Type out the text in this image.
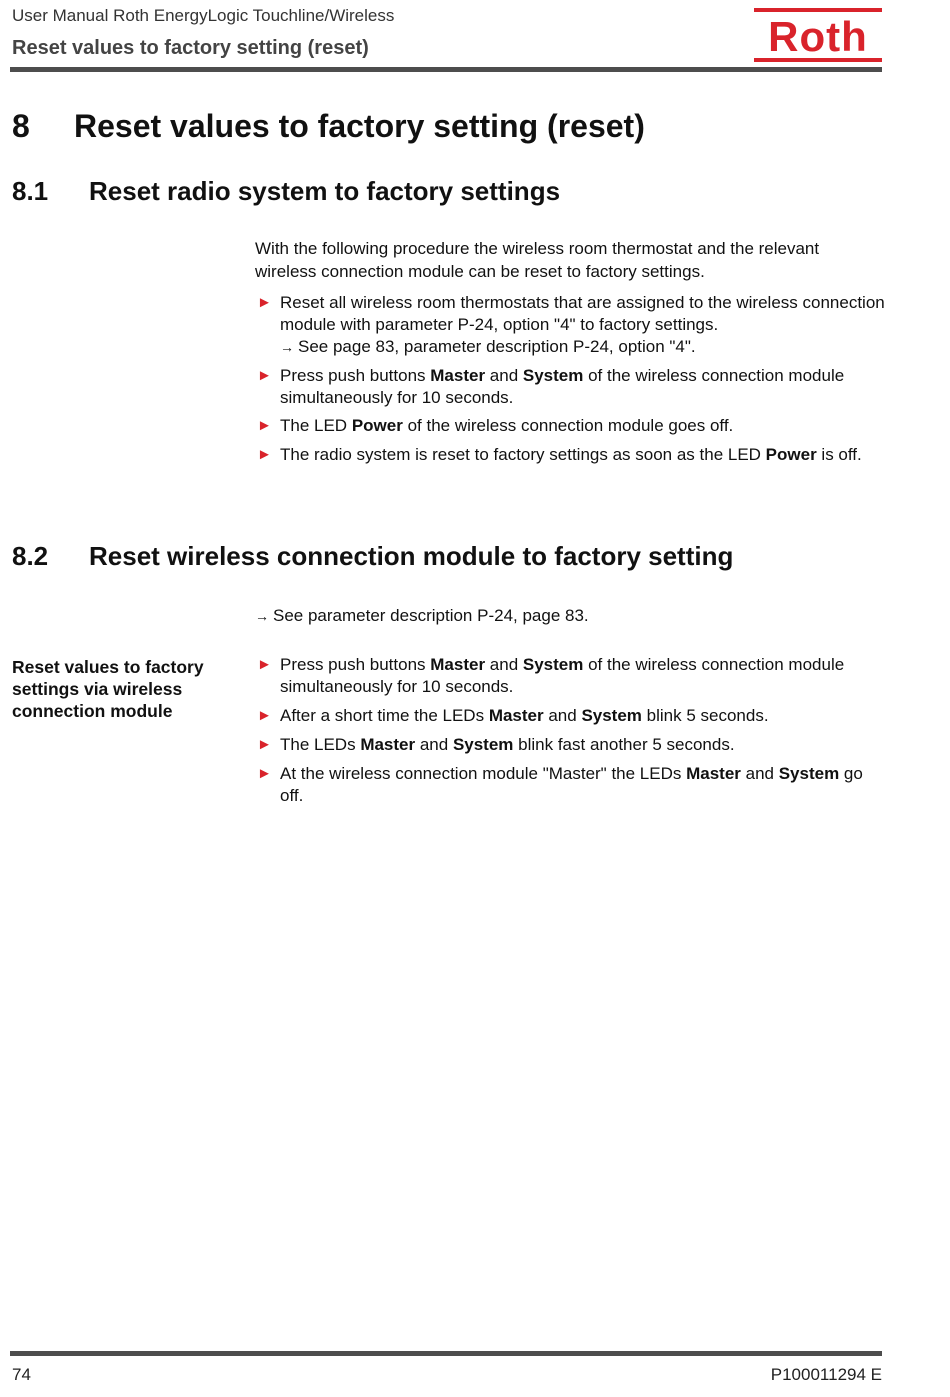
User Manual Roth EnergyLogic Touchline/Wireless
Reset values to factory setting (reset)	Roth
8 Reset values to factory setting (reset)
8.1 Reset radio system to factory settings
With the following procedure the wireless room thermostat and the relevant wireless connection module can be reset to factory settings.
► Reset all wireless room thermostats that are assigned to the wireless connection module with parameter P-24, option "4" to factory settings.
→ See page 83, parameter description P-24, option "4".
► Press push buttons Master and System of the wireless connection module simultaneously for 10 seconds.
► The LED Power of the wireless connection module goes off.
► The radio system is reset to factory settings as soon as the LED Power is off.
8.2 Reset wireless connection module to factory setting
→ See parameter description P-24, page 83.
Reset values to factory settings via wireless connection module
► Press push buttons Master and System of the wireless connection module simultaneously for 10 seconds.
► After a short time the LEDs Master and System blink 5 seconds.
► The LEDs Master and System blink fast another 5 seconds.
► At the wireless connection module "Master" the LEDs Master and System go off.
74	P100011294 E
